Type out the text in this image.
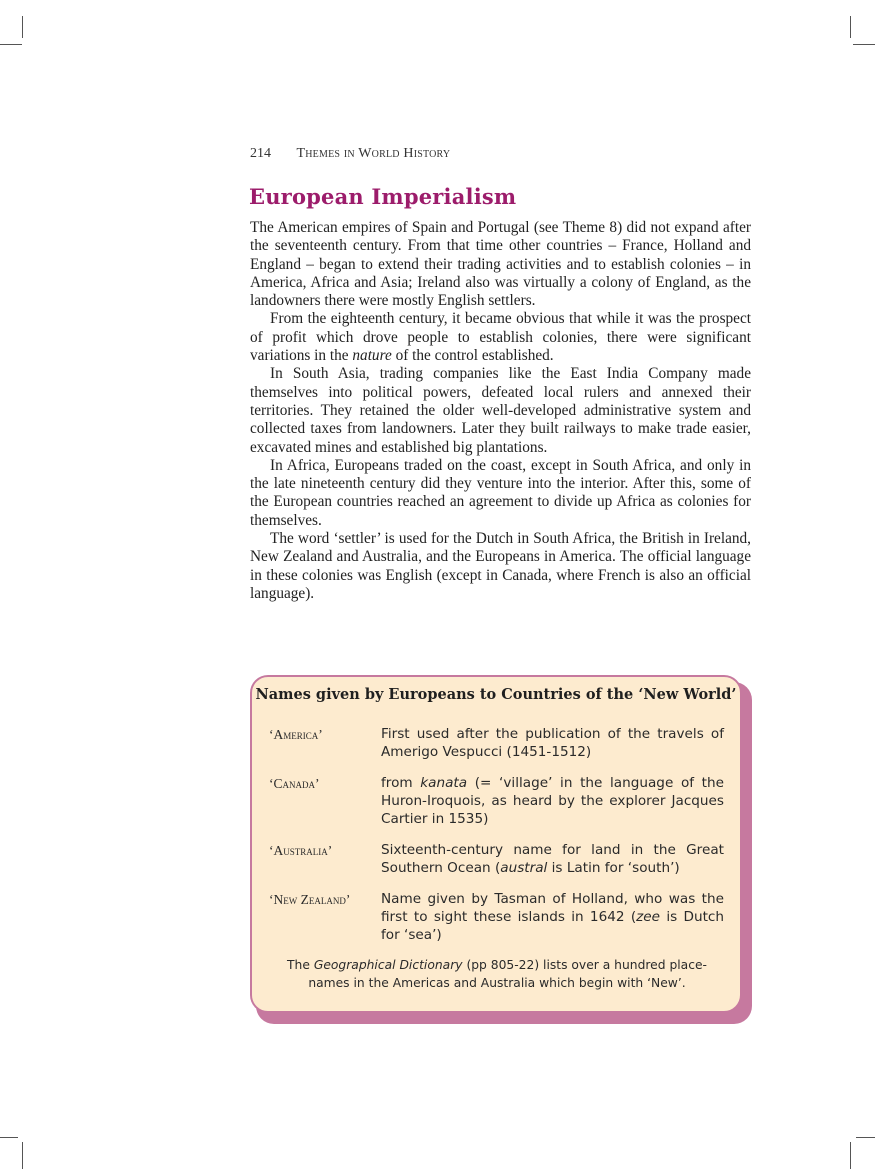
214 Themes in World History
European Imperialism

The American empires of Spain and Portugal (see Theme 8) did not expand after the seventeenth century. From that time other countries – France, Holland and England – began to extend their trading activities and to establish colonies – in America, Africa and Asia; Ireland also was virtually a colony of England, as the landowners there were mostly English settlers.

From the eighteenth century, it became obvious that while it was the prospect of profit which drove people to establish colonies, there were significant variations in the nature of the control established.

In South Asia, trading companies like the East India Company made themselves into political powers, defeated local rulers and annexed their territories. They retained the older well-developed administrative system and collected taxes from landowners. Later they built railways to make trade easier, excavated mines and established big plantations.

In Africa, Europeans traded on the coast, except in South Africa, and only in the late nineteenth century did they venture into the interior. After this, some of the European countries reached an agreement to divide up Africa as colonies for themselves.

The word ‘settler’ is used for the Dutch in South Africa, the British in Ireland, New Zealand and Australia, and the Europeans in America. The official language in these colonies was English (except in Canada, where French is also an official language).

Names given by Europeans to Countries of the ‘New World’
‘America’	First used after the publication of the travels of Amerigo Vespucci (1451-1512)
‘Canada’	from kanata (= ‘village’ in the language of the Huron-Iroquois, as heard by the explorer Jacques Cartier in 1535)
‘Australia’	Sixteenth-century name for land in the Great Southern Ocean (austral is Latin for ‘south’)
‘New Zealand’ Name given by Tasman of Holland, who was the first to sight these islands in 1642 (zee is Dutch for ‘sea’)
The Geographical Dictionary (pp 805-22) lists over a hundred place-names in the Americas and Australia which begin with ‘New’.
